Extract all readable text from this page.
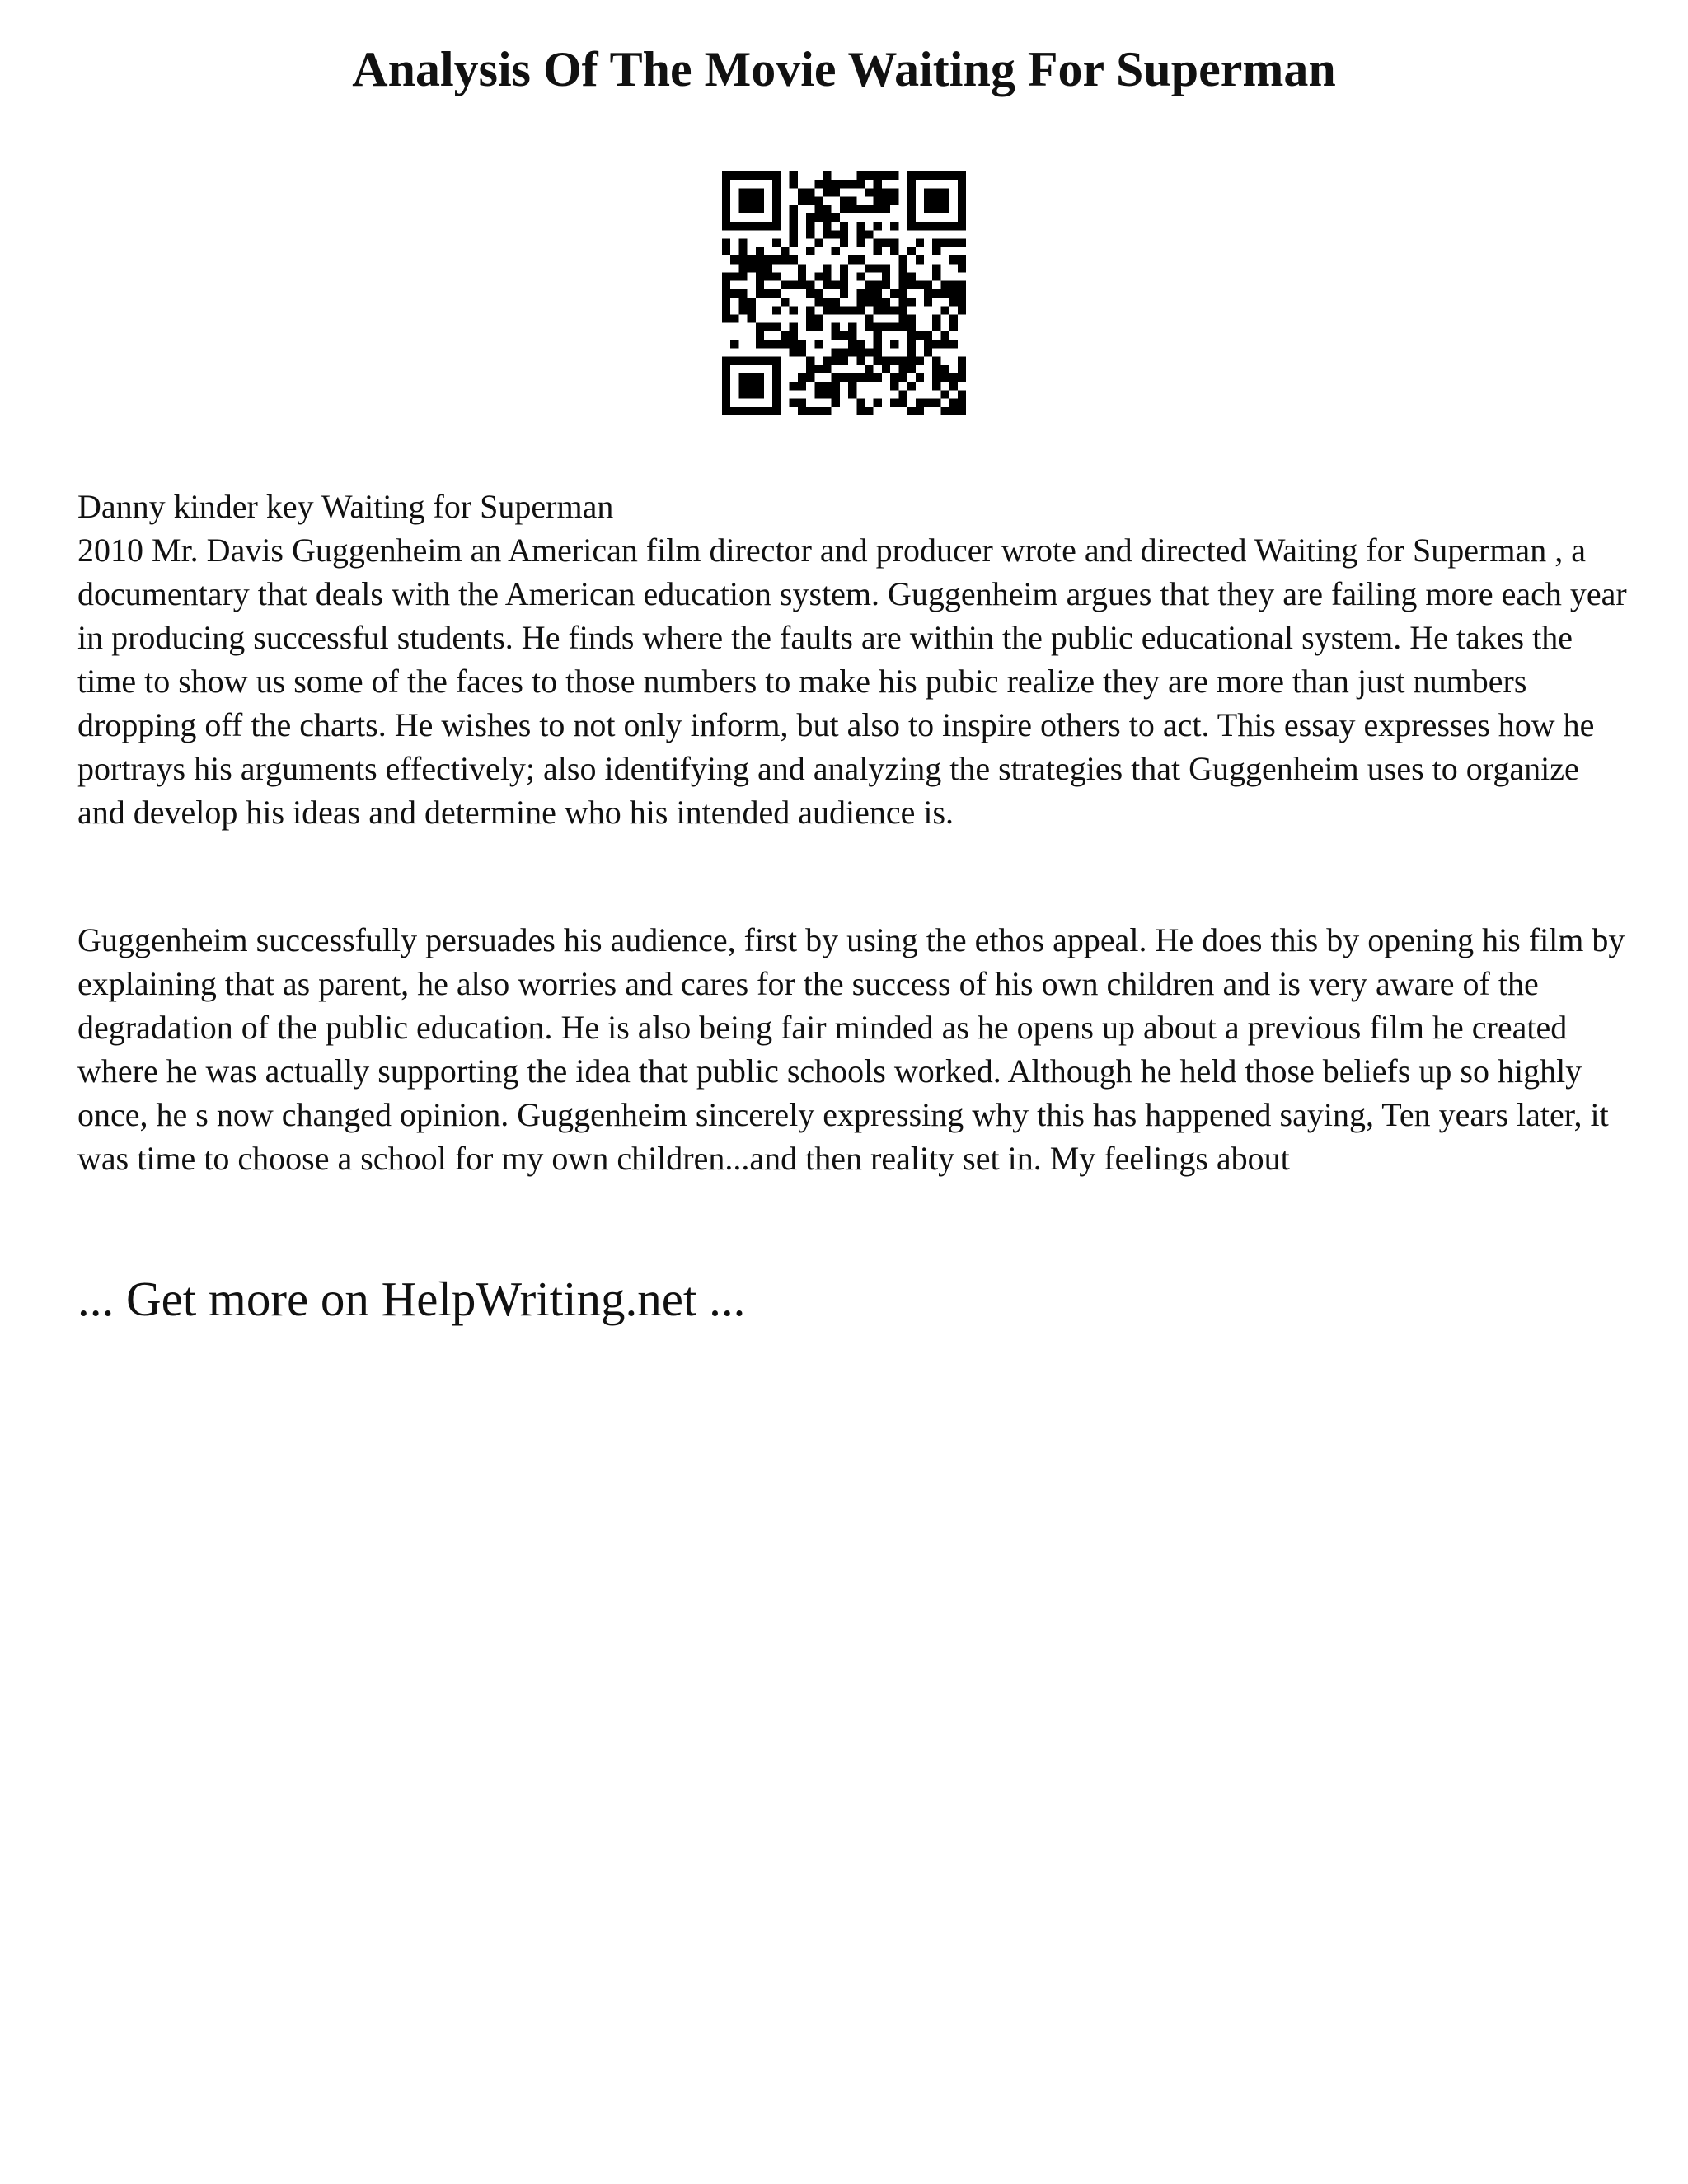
Analysis Of The Movie Waiting For Superman

Danny kinder key Waiting for Superman

2010 Mr. Davis Guggenheim an American film director and producer wrote and directed Waiting for Superman , a documentary that deals with the American education system. Guggenheim argues that they are failing more each year in producing successful students. He finds where the faults are within the public educational system. He takes the time to show us some of the faces to those numbers to make his pubic realize they are more than just numbers dropping off the charts. He wishes to not only inform, but also to inspire others to act. This essay expresses how he portrays his arguments effectively; also identifying and analyzing the strategies that Guggenheim uses to organize and develop his ideas and determine who his intended audience is.

Guggenheim successfully persuades his audience, first by using the ethos appeal. He does this by opening his film by explaining that as parent, he also worries and cares for the success of his own children and is very aware of the degradation of the public education. He is also being fair minded as he opens up about a previous film he created where he was actually supporting the idea that public schools worked. Although he held those beliefs up so highly once, he s now changed opinion. Guggenheim sincerely expressing why this has happened saying, Ten years later, it was time to choose a school for my own children...and then reality set in. My feelings about

... Get more on HelpWriting.net ...
